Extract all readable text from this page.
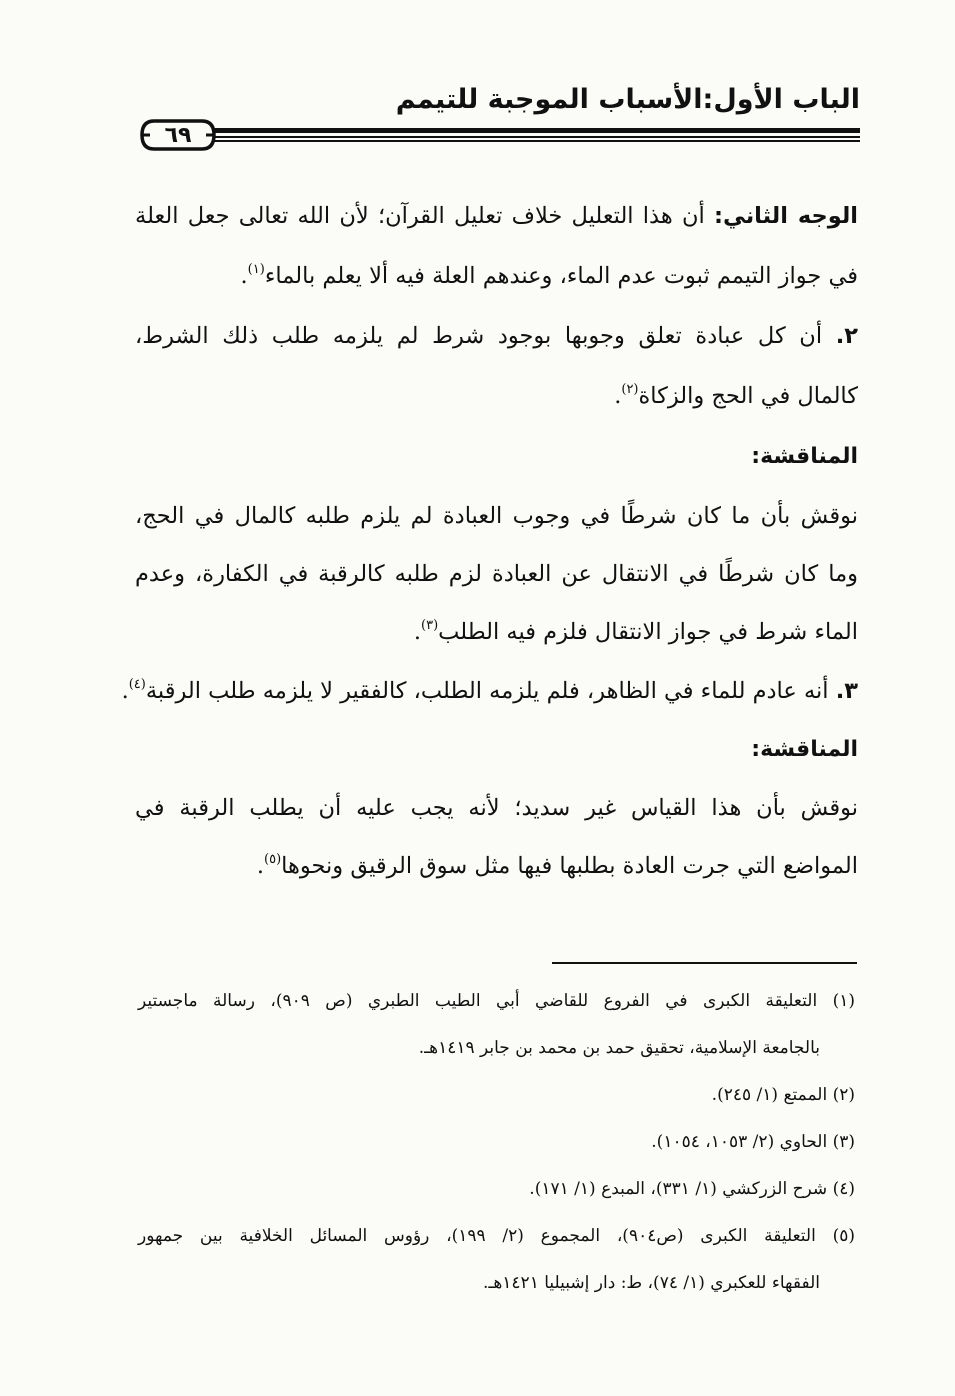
الباب الأول:الأسباب الموجبة للتيمم
٦٩
الوجه الثاني: أن هذا التعليل خلاف تعليل القرآن؛ لأن الله تعالى جعل العلة
في جواز التيمم ثبوت عدم الماء، وعندهم العلة فيه ألا يعلم بالماء$^{(١)}$.
٢. أن كل عبادة تعلق وجوبها بوجود شرط لم يلزمه طلب ذلك الشرط،
كالمال في الحج والزكاة$^{(٢)}$.
المناقشة:
نوقش بأن ما كان شرطًا في وجوب العبادة لم يلزم طلبه كالمال في الحج،
وما كان شرطًا في الانتقال عن العبادة لزم طلبه كالرقبة في الكفارة، وعدم
الماء شرط في جواز الانتقال فلزم فيه الطلب$^{(٣)}$.
٣. أنه عادم للماء في الظاهر، فلم يلزمه الطلب، كالفقير لا يلزمه طلب الرقبة$^{(٤)}$.
المناقشة:
نوقش بأن هذا القياس غير سديد؛ لأنه يجب عليه أن يطلب الرقبة في
المواضع التي جرت العادة بطلبها فيها مثل سوق الرقيق ونحوها$^{(٥)}$.
(١) التعليقة الكبرى في الفروع للقاضي أبي الطيب الطبري (ص ٩٠٩)، رسالة ماجستير
بالجامعة الإسلامية، تحقيق حمد بن محمد بن جابر ١٤١٩هـ.
(٢) الممتع (١/ ٢٤٥).
(٣) الحاوي (٢/ ١٠٥٣، ١٠٥٤).
(٤) شرح الزركشي (١/ ٣٣١)، المبدع (١/ ١٧١).
(٥) التعليقة الكبرى (ص٩٠٤)، المجموع (٢/ ١٩٩)، رؤوس المسائل الخلافية بين جمهور
الفقهاء للعكبري (١/ ٧٤)، ط: دار إشبيليا ١٤٢١هـ.
